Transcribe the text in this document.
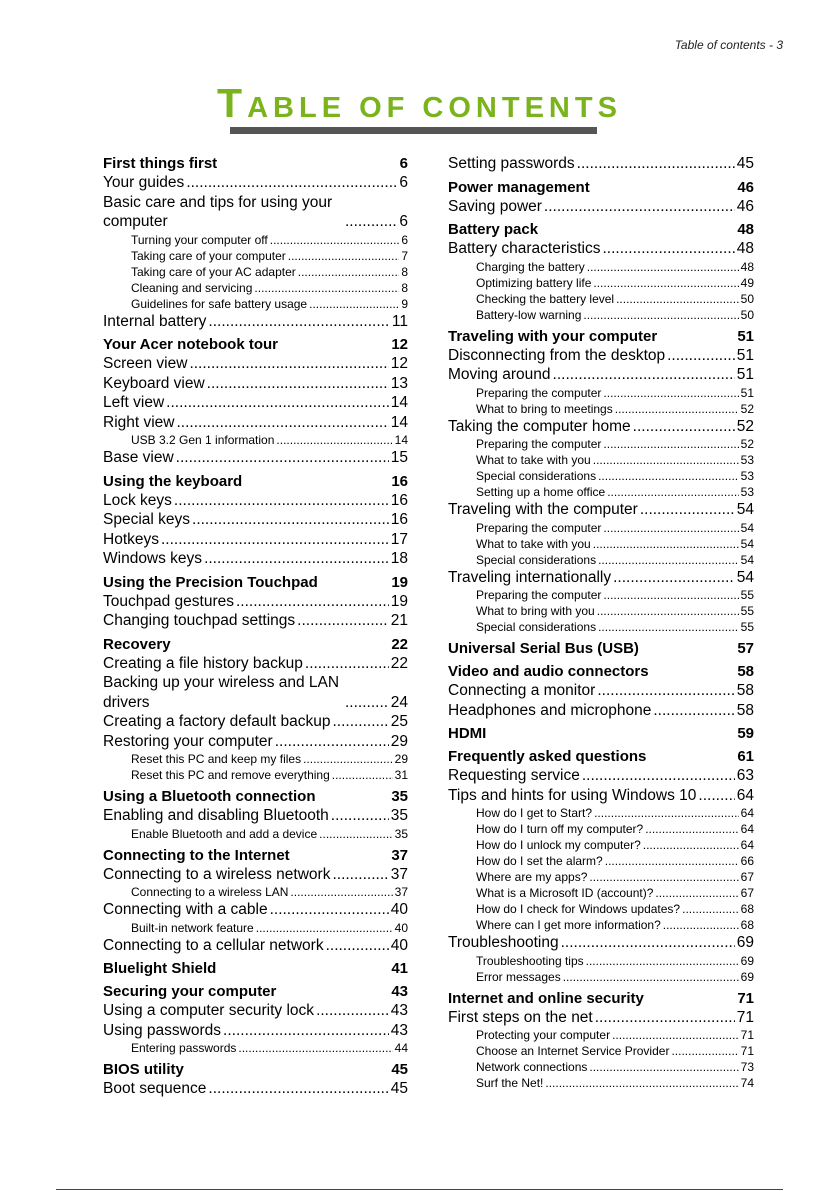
Table of contents - 3
TABLE OF CONTENTS
First things first	6
Your guides .....	6
Basic care and tips for using your computer .....	6
Turning your computer off .....	6
Taking care of your computer .....	7
Taking care of your AC adapter .....	8
Cleaning and servicing .....	8
Guidelines for safe battery usage .....	9
Internal battery .....	11
Your Acer notebook tour	12
Screen view .....	12
Keyboard view .....	13
Left view .....	14
Right view .....	14
USB 3.2 Gen 1 information .....	14
Base view .....	15
Using the keyboard	16
Lock keys .....	16
Special keys .....	16
Hotkeys .....	17
Windows keys .....	18
Using the Precision Touchpad	19
Touchpad gestures .....	19
Changing touchpad settings .....	21
Recovery	22
Creating a file history backup .....	22
Backing up your wireless and LAN drivers .....	24
Creating a factory default backup .....	25
Restoring your computer .....	29
Reset this PC and keep my files .....	29
Reset this PC and remove everything .....	31
Using a Bluetooth connection	35
Enabling and disabling Bluetooth .....	35
Enable Bluetooth and add a device .....	35
Connecting to the Internet	37
Connecting to a wireless network .....	37
Connecting to a wireless LAN .....	37
Connecting with a cable .....	40
Built-in network feature .....	40
Connecting to a cellular network .....	40
Bluelight Shield	41
Securing your computer	43
Using a computer security lock .....	43
Using passwords .....	43
Entering passwords .....	44
BIOS utility	45
Boot sequence .....	45
Setting passwords .....	45
Power management	46
Saving power .....	46
Battery pack	48
Battery characteristics .....	48
Charging the battery .....	48
Optimizing battery life .....	49
Checking the battery level .....	50
Battery-low warning .....	50
Traveling with your computer	51
Disconnecting from the desktop .....	51
Moving around .....	51
Preparing the computer .....	51
What to bring to meetings .....	52
Taking the computer home .....	52
Preparing the computer .....	52
What to take with you .....	53
Special considerations .....	53
Setting up a home office .....	53
Traveling with the computer .....	54
Preparing the computer .....	54
What to take with you .....	54
Special considerations .....	54
Traveling internationally .....	54
Preparing the computer .....	55
What to bring with you .....	55
Special considerations .....	55
Universal Serial Bus (USB)	57
Video and audio connectors	58
Connecting a monitor .....	58
Headphones and microphone .....	58
HDMI	59
Frequently asked questions	61
Requesting service .....	63
Tips and hints for using Windows 10 .....	64
How do I get to Start? .....	64
How do I turn off my computer? .....	64
How do I unlock my computer? .....	64
How do I set the alarm? .....	66
Where are my apps? .....	67
What is a Microsoft ID (account)? .....	67
How do I check for Windows updates? .....	68
Where can I get more information? .....	68
Troubleshooting .....	69
Troubleshooting tips .....	69
Error messages .....	69
Internet and online security	71
First steps on the net .....	71
Protecting your computer .....	71
Choose an Internet Service Provider .....	71
Network connections .....	73
Surf the Net! .....	74
